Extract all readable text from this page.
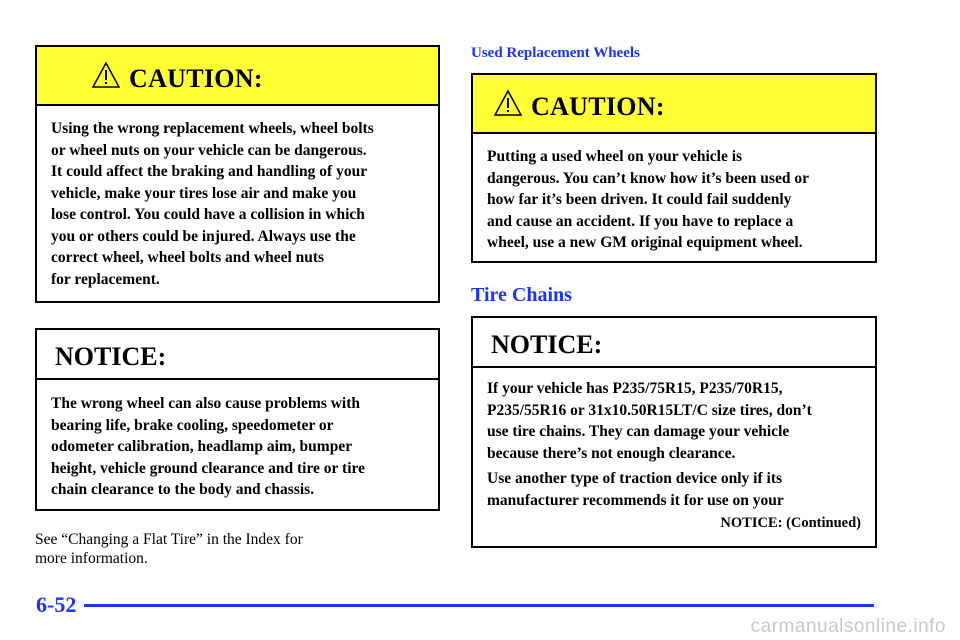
CAUTION:
Using the wrong replacement wheels, wheel bolts
or wheel nuts on your vehicle can be dangerous.
It could affect the braking and handling of your
vehicle, make your tires lose air and make you
lose control. You could have a collision in which
you or others could be injured. Always use the
correct wheel, wheel bolts and wheel nuts
for replacement.
NOTICE:
The wrong wheel can also cause problems with
bearing life, brake cooling, speedometer or
odometer calibration, headlamp aim, bumper
height, vehicle ground clearance and tire or tire
chain clearance to the body and chassis.
See “Changing a Flat Tire” in the Index for
more information.
Used Replacement Wheels
CAUTION:
Putting a used wheel on your vehicle is
dangerous. You can’t know how it’s been used or
how far it’s been driven. It could fail suddenly
and cause an accident. If you have to replace a
wheel, use a new GM original equipment wheel.
Tire Chains
NOTICE:

If your vehicle has P235/75R15, P235/70R15,
P235/55R16 or 31x10.50R15LT/C size tires, don’t
use tire chains. They can damage your vehicle
because there’s not enough clearance.

Use another type of traction device only if its
manufacturer recommends it for use on your

NOTICE: (Continued)
6-52
carmanualsonline.info
